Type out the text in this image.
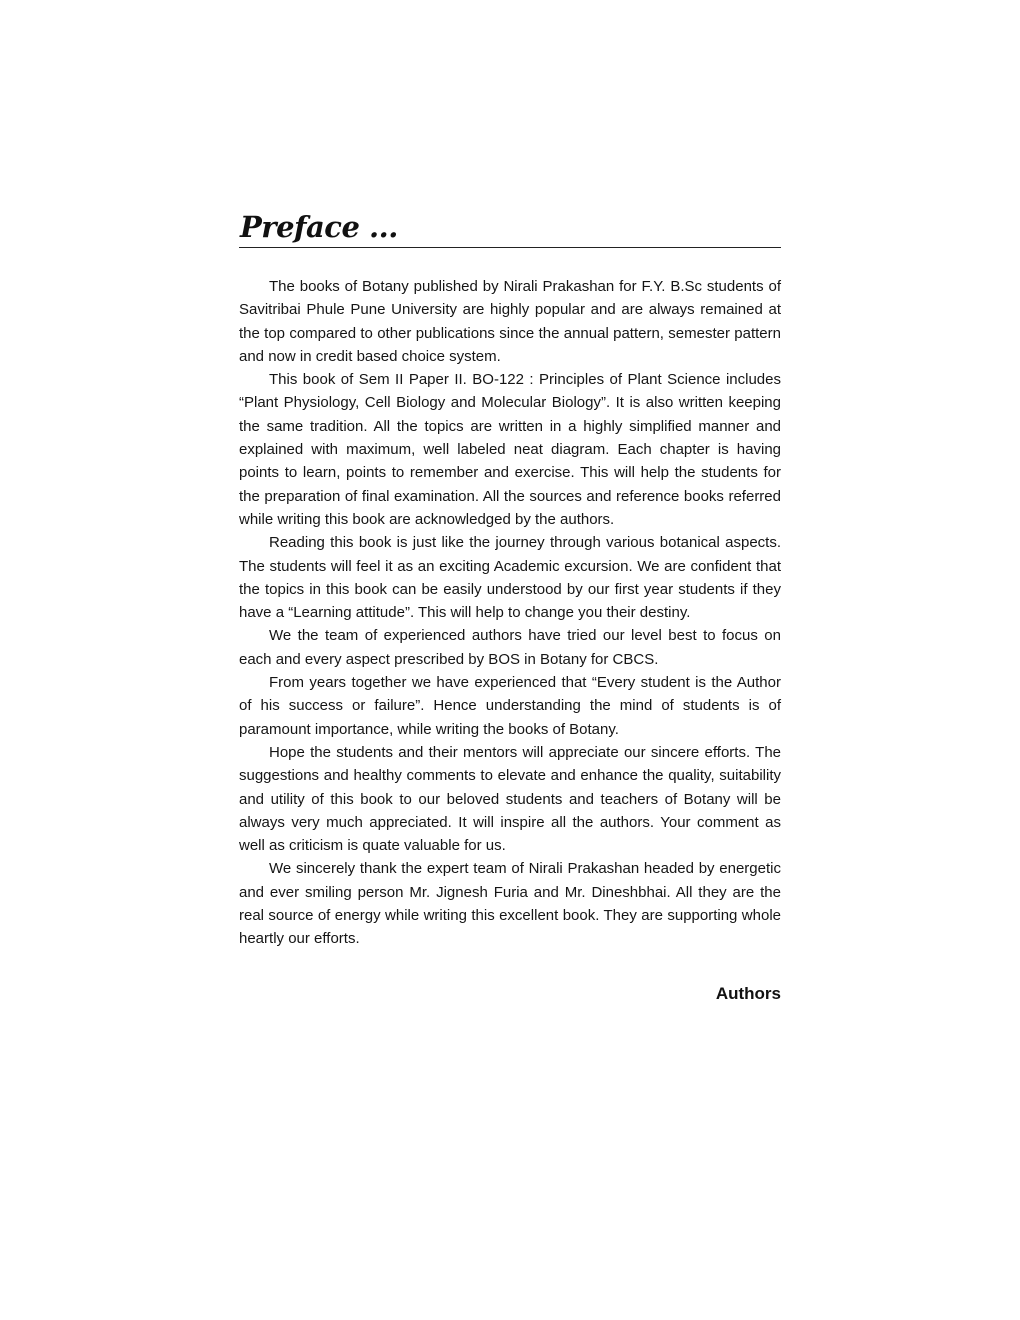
Preface ...

The books of Botany published by Nirali Prakashan for F.Y. B.Sc students of Savitribai Phule Pune University are highly popular and are always remained at the top compared to other publications since the annual pattern, semester pattern and now in credit based choice system.

This book of Sem II Paper II. BO-122 : Principles of Plant Science includes “Plant Physiology, Cell Biology and Molecular Biology”. It is also written keeping the same tradition. All the topics are written in a highly simplified manner and explained with maximum, well labeled neat diagram. Each chapter is having points to learn, points to remember and exercise. This will help the students for the preparation of final examination. All the sources and reference books referred while writing this book are acknowledged by the authors.

Reading this book is just like the journey through various botanical aspects. The students will feel it as an exciting Academic excursion. We are confident that the topics in this book can be easily understood by our first year students if they have a “Learning attitude”. This will help to change you their destiny.

We the team of experienced authors have tried our level best to focus on each and every aspect prescribed by BOS in Botany for CBCS.

From years together we have experienced that “Every student is the Author of his success or failure”. Hence understanding the mind of students is of paramount importance, while writing the books of Botany.

Hope the students and their mentors will appreciate our sincere efforts. The suggestions and healthy comments to elevate and enhance the quality, suitability and utility of this book to our beloved students and teachers of Botany will be always very much appreciated. It will inspire all the authors. Your comment as well as criticism is quate valuable for us.

We sincerely thank the expert team of Nirali Prakashan headed by energetic and ever smiling person Mr. Jignesh Furia and Mr. Dineshbhai. All they are the real source of energy while writing this excellent book. They are supporting whole heartly our efforts.

Authors
